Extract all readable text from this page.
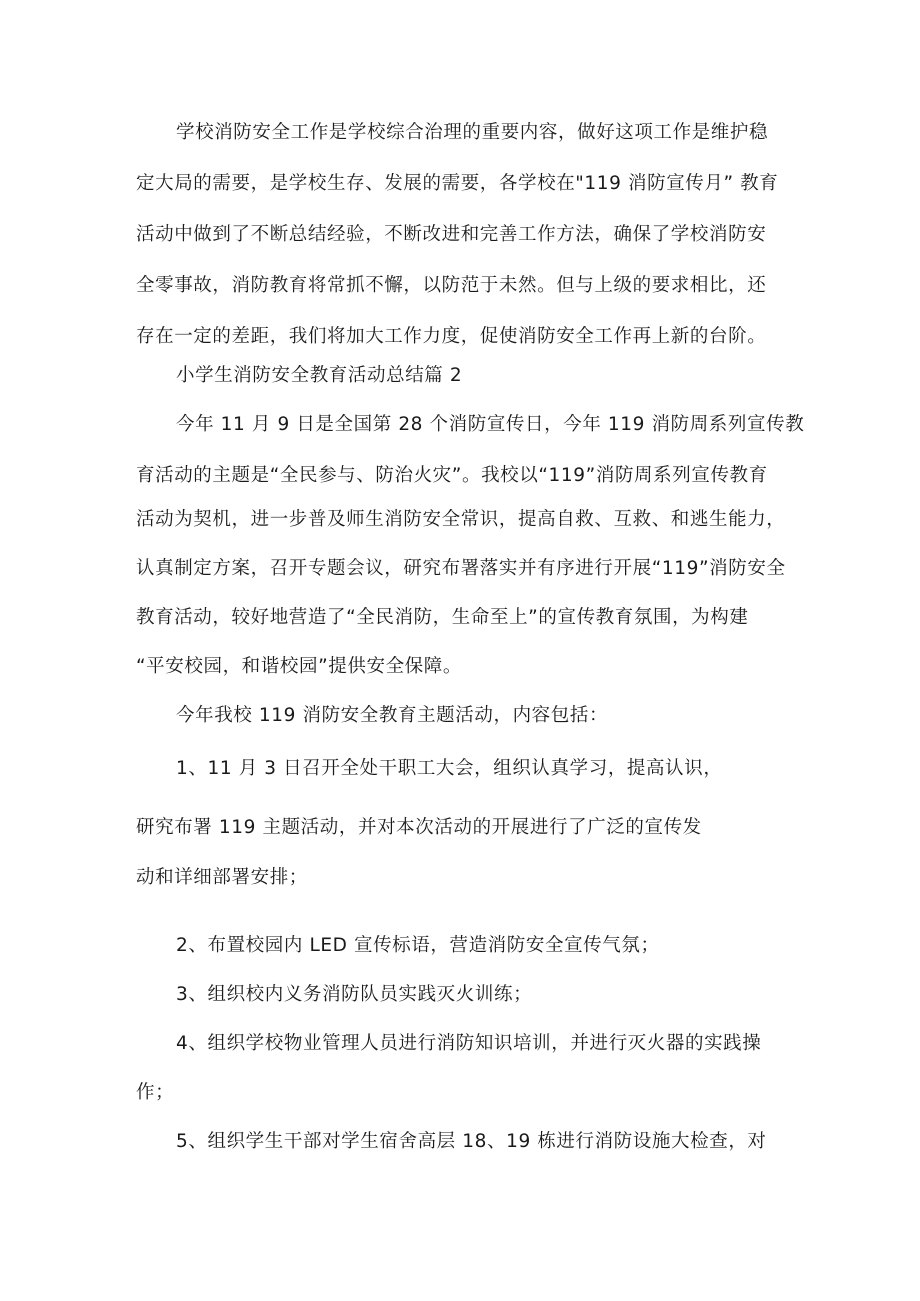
学校消防安全工作是学校综合治理的重要内容，做好这项工作是维护稳
定大局的需要，是学校生存、发展的需要，各学校在"119 消防宣传月” 教育
活动中做到了不断总结经验，不断改进和完善工作方法，确保了学校消防安
全零事故，消防教育将常抓不懈，以防范于未然。但与上级的要求相比，还
存在一定的差距，我们将加大工作力度，促使消防安全工作再上新的台阶。
小学生消防安全教育活动总结篇 2
今年 11 月 9 日是全国第 28 个消防宣传日，今年 119 消防周系列宣传教
育活动的主题是“全民参与、防治火灾”。我校以“119”消防周系列宣传教育
活动为契机，进一步普及师生消防安全常识，提高自救、互救、和逃生能力，
认真制定方案，召开专题会议，研究布署落实并有序进行开展“119”消防安全
教育活动，较好地营造了“全民消防，生命至上”的宣传教育氛围，为构建
“平安校园，和谐校园”提供安全保障。
今年我校 119 消防安全教育主题活动，内容包括：
1、11 月 3 日召开全处干职工大会，组织认真学习，提高认识，
研究布署 119 主题活动，并对本次活动的开展进行了广泛的宣传发
动和详细部署安排；
2、布置校园内 LED 宣传标语，营造消防安全宣传气氛；
3、组织校内义务消防队员实践灭火训练；
4、组织学校物业管理人员进行消防知识培训，并进行灭火器的实践操
作；
5、组织学生干部对学生宿舍高层 18、19 栋进行消防设施大检查，对
